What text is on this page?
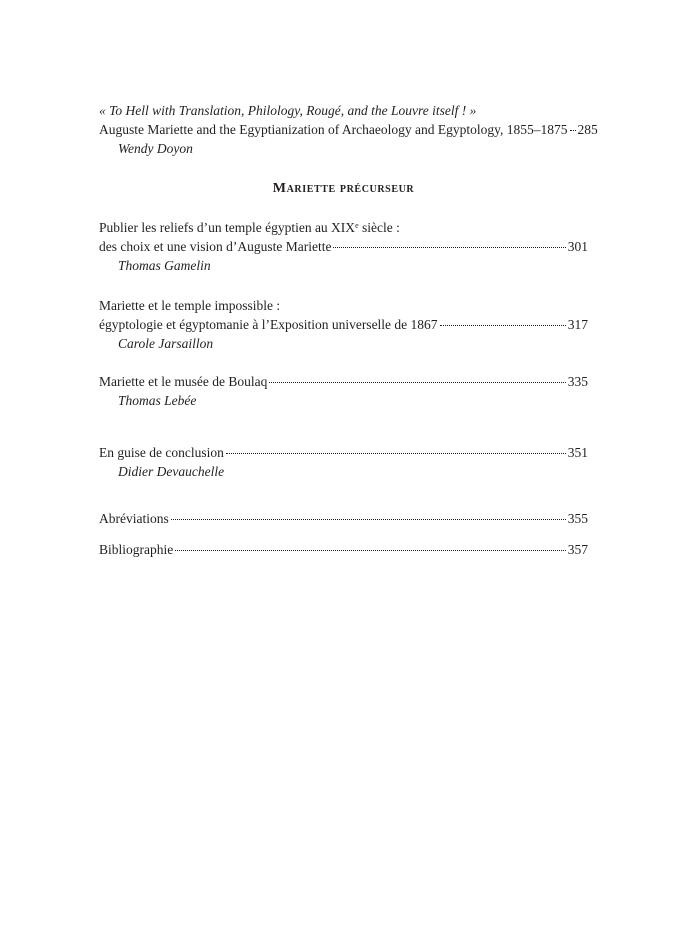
« To Hell with Translation, Philology, Rougé, and the Louvre itself ! »
Auguste Mariette and the Egyptianization of Archaeology and Egyptology, 1855–1875 285
Wendy Doyon
Mariette précurseur
Publier les reliefs d’un temple égyptien au XIXe siècle :
des choix et une vision d’Auguste Mariette	301
Thomas Gamelin
Mariette et le temple impossible :
égyptologie et égyptomanie à l’Exposition universelle de 1867	317
Carole Jarsaillon
Mariette et le musée de Boulaq	335
Thomas Lebée
En guise de conclusion	351
Didier Devauchelle
Abréviations	355
Bibliographie	357
